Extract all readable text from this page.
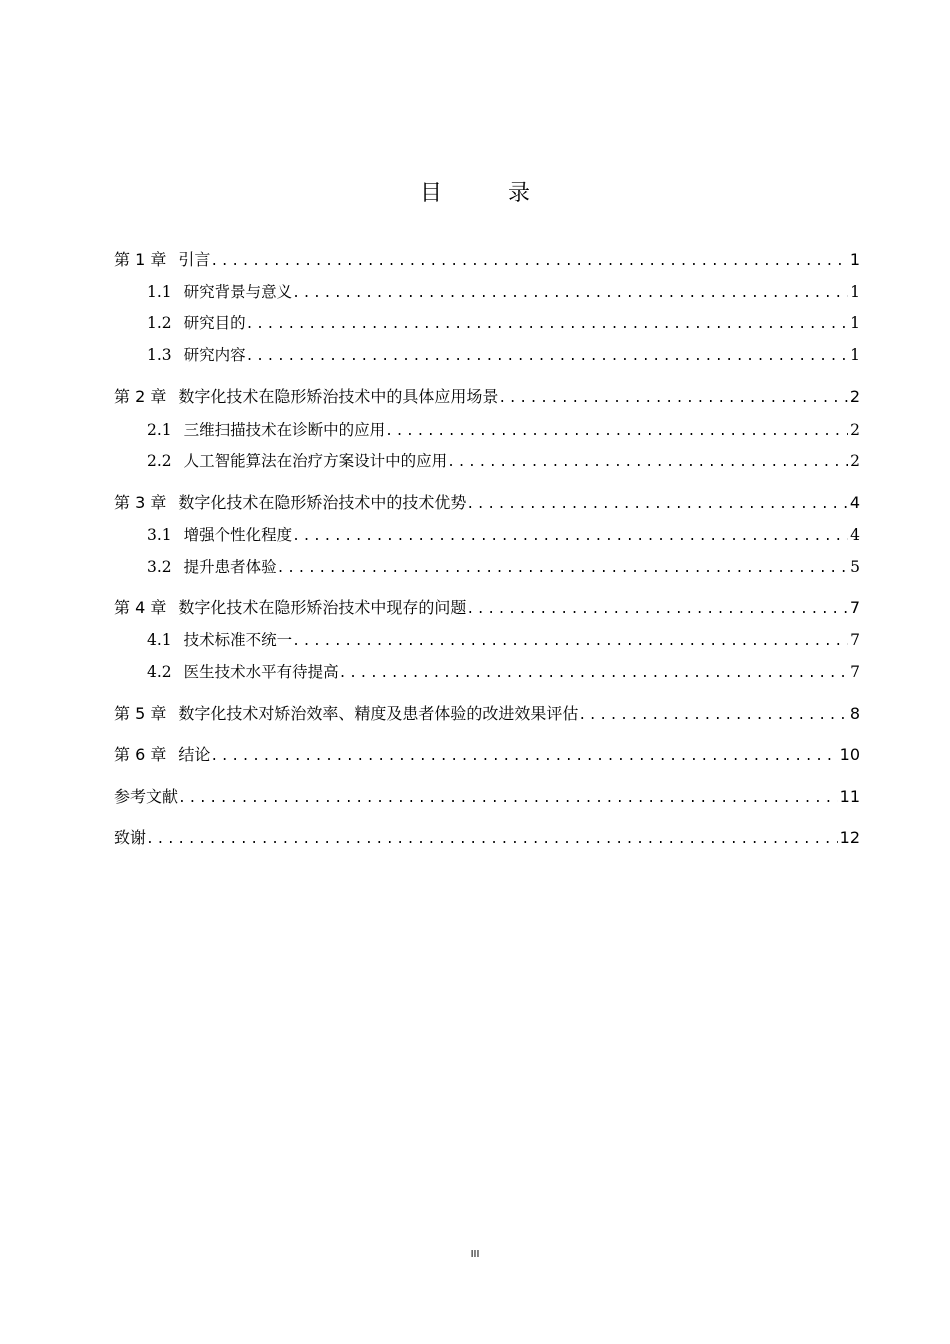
目　录
第 1 章 引言 .....	1
1.1 研究背景与意义 .....	1
1.2 研究目的 .....	1
1.3 研究内容 .....	1
第 2 章 数字化技术在隐形矫治技术中的具体应用场景 .....	2
2.1 三维扫描技术在诊断中的应用 .....	2
2.2 人工智能算法在治疗方案设计中的应用 .....	2
第 3 章 数字化技术在隐形矫治技术中的技术优势 .....	4
3.1 增强个性化程度 .....	4
3.2 提升患者体验 .....	5
第 4 章 数字化技术在隐形矫治技术中现存的问题 .....	7
4.1 技术标准不统一 .....	7
4.2 医生技术水平有待提高 .....	7
第 5 章 数字化技术对矫治效率、精度及患者体验的改进效果评估 .....	8
第 6 章 结论 .....	10
参考文献 .....	11
致谢 .....	12
III
